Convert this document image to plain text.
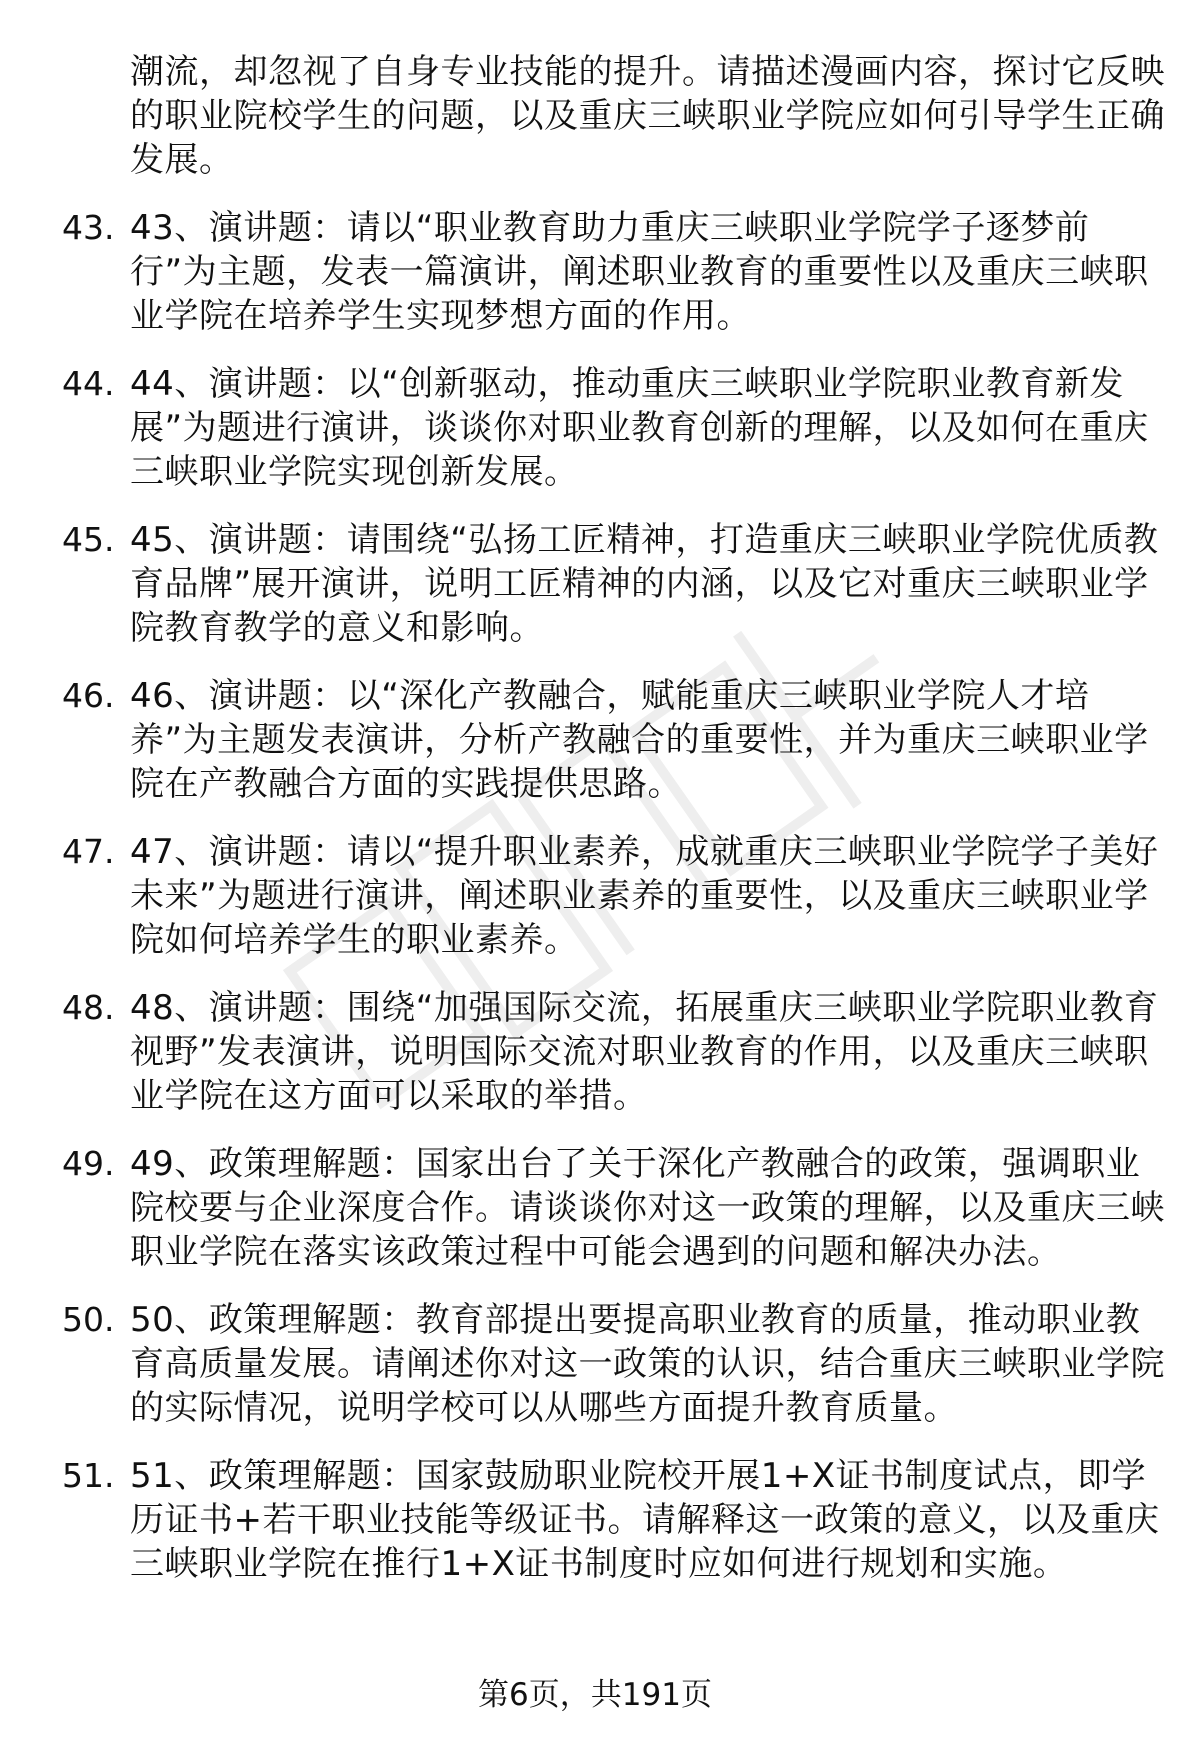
潮流，却忽视了自身专业技能的提升。请描述漫画内容，探讨它反映的职业院校学生的问题，以及重庆三峡职业学院应如何引导学生正确发展。

43. 43、演讲题：请以“职业教育助力重庆三峡职业学院学子逐梦前行”为主题，发表一篇演讲，阐述职业教育的重要性以及重庆三峡职业学院在培养学生实现梦想方面的作用。
44. 44、演讲题：以“创新驱动，推动重庆三峡职业学院职业教育新发展”为题进行演讲，谈谈你对职业教育创新的理解，以及如何在重庆三峡职业学院实现创新发展。
45. 45、演讲题：请围绕“弘扬工匠精神，打造重庆三峡职业学院优质教育品牌”展开演讲，说明工匠精神的内涵，以及它对重庆三峡职业学院教育教学的意义和影响。
46. 46、演讲题：以“深化产教融合，赋能重庆三峡职业学院人才培养”为主题发表演讲，分析产教融合的重要性，并为重庆三峡职业学院在产教融合方面的实践提供思路。
47. 47、演讲题：请以“提升职业素养，成就重庆三峡职业学院学子美好未来”为题进行演讲，阐述职业素养的重要性，以及重庆三峡职业学院如何培养学生的职业素养。
48. 48、演讲题：围绕“加强国际交流，拓展重庆三峡职业学院职业教育视野”发表演讲，说明国际交流对职业教育的作用，以及重庆三峡职业学院在这方面可以采取的举措。
49. 49、政策理解题：国家出台了关于深化产教融合的政策，强调职业院校要与企业深度合作。请谈谈你对这一政策的理解，以及重庆三峡职业学院在落实该政策过程中可能会遇到的问题和解决办法。
50. 50、政策理解题：教育部提出要提高职业教育的质量，推动职业教育高质量发展。请阐述你对这一政策的认识，结合重庆三峡职业学院的实际情况，说明学校可以从哪些方面提升教育质量。
51. 51、政策理解题：国家鼓励职业院校开展1+X证书制度试点，即学历证书+若干职业技能等级证书。请解释这一政策的意义，以及重庆三峡职业学院在推行1+X证书制度时应如何进行规划和实施。
第6页，共191页
